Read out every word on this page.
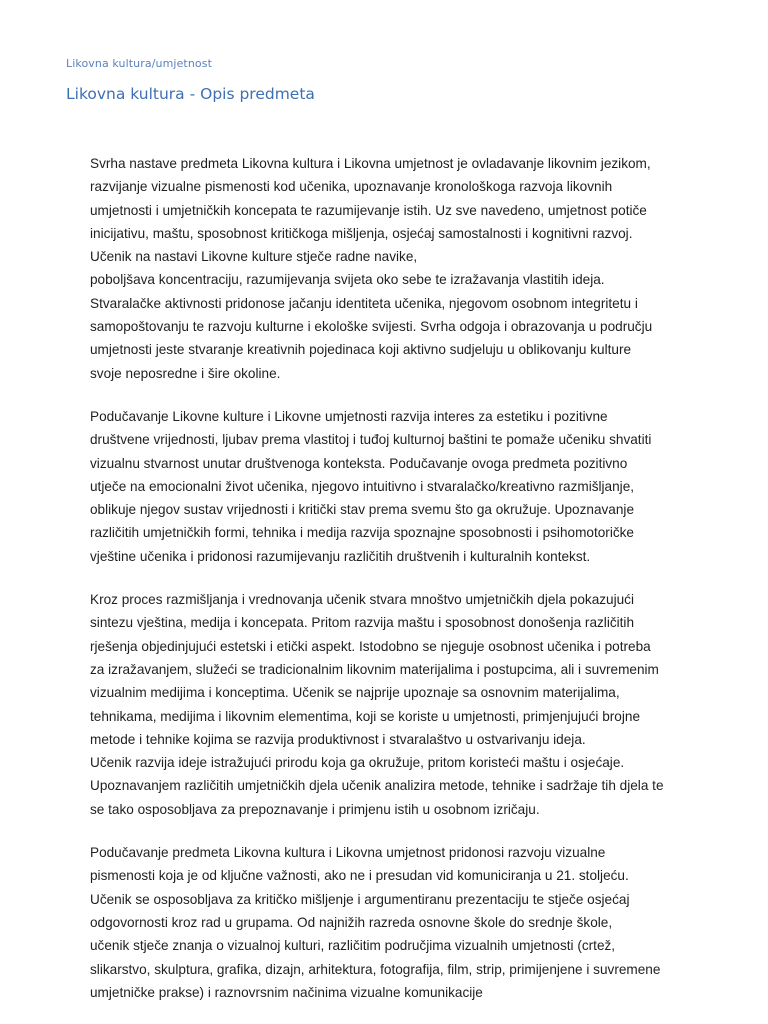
Likovna kultura/umjetnost
Likovna kultura - Opis predmeta

Svrha nastave predmeta Likovna kultura i Likovna umjetnost je ovladavanje likovnim jezikom,
razvijanje vizualne pismenosti kod učenika, upoznavanje kronološkoga razvoja likovnih
umjetnosti i umjetničkih koncepata te razumijevanje istih. Uz sve navedeno, umjetnost potiče
inicijativu, maštu, sposobnost kritičkoga mišljenja, osjećaj samostalnosti i kognitivni razvoj.
Učenik na nastavi Likovne kulture stječe radne navike,
poboljšava koncentraciju, razumijevanja svijeta oko sebe te izražavanja vlastitih ideja.
Stvaralačke aktivnosti pridonose jačanju identiteta učenika, njegovom osobnom integritetu i
samopoštovanju te razvoju kulturne i ekološke svijesti. Svrha odgoja i obrazovanja u području
umjetnosti jeste stvaranje kreativnih pojedinaca koji aktivno sudjeluju u oblikovanju kulture
svoje neposredne i šire okoline.

Podučavanje Likovne kulture i Likovne umjetnosti razvija interes za estetiku i pozitivne
društvene vrijednosti, ljubav prema vlastitoj i tuđoj kulturnoj baštini te pomaže učeniku shvatiti
vizualnu stvarnost unutar društvenoga konteksta. Podučavanje ovoga predmeta pozitivno
utječe na emocionalni život učenika, njegovo intuitivno i stvaralačko/kreativno razmišljanje,
oblikuje njegov sustav vrijednosti i kritički stav prema svemu što ga okružuje. Upoznavanje
različitih umjetničkih formi, tehnika i medija razvija spoznajne sposobnosti i psihomotoričke
vještine učenika i pridonosi razumijevanju različitih društvenih i kulturalnih kontekst.

Kroz proces razmišljanja i vrednovanja učenik stvara mnoštvo umjetničkih djela pokazujući
sintezu vještina, medija i koncepata. Pritom razvija maštu i sposobnost donošenja različitih
rješenja objedinjujući estetski i etički aspekt. Istodobno se njeguje osobnost učenika i potreba
za izražavanjem, služeći se tradicionalnim likovnim materijalima i postupcima, ali i suvremenim
vizualnim medijima i konceptima. Učenik se najprije upoznaje sa osnovnim materijalima,
tehnikama, medijima i likovnim elementima, koji se koriste u umjetnosti, primjenjujući brojne
metode i tehnike kojima se razvija produktivnost i stvaralaštvo u ostvarivanju ideja.
Učenik razvija ideje istražujući prirodu koja ga okružuje, pritom koristeći maštu i osjećaje.
Upoznavanjem različitih umjetničkih djela učenik analizira metode, tehnike i sadržaje tih djela te
se tako osposobljava za prepoznavanje i primjenu istih u osobnom izričaju.

Podučavanje predmeta Likovna kultura i Likovna umjetnost pridonosi razvoju vizualne
pismenosti koja je od ključne važnosti, ako ne i presudan vid komuniciranja u 21. stoljeću.
Učenik se osposobljava za kritičko mišljenje i argumentiranu prezentaciju te stječe osjećaj
odgovornosti kroz rad u grupama. Od najnižih razreda osnovne škole do srednje škole,
učenik stječe znanja o vizualnoj kulturi, različitim područjima vizualnih umjetnosti (crtež,
slikarstvo, skulptura, grafika, dizajn, arhitektura, fotografija, film, strip, primijenjene i suvremene
umjetničke prakse) i raznovrsnim načinima vizualne komunikacije
